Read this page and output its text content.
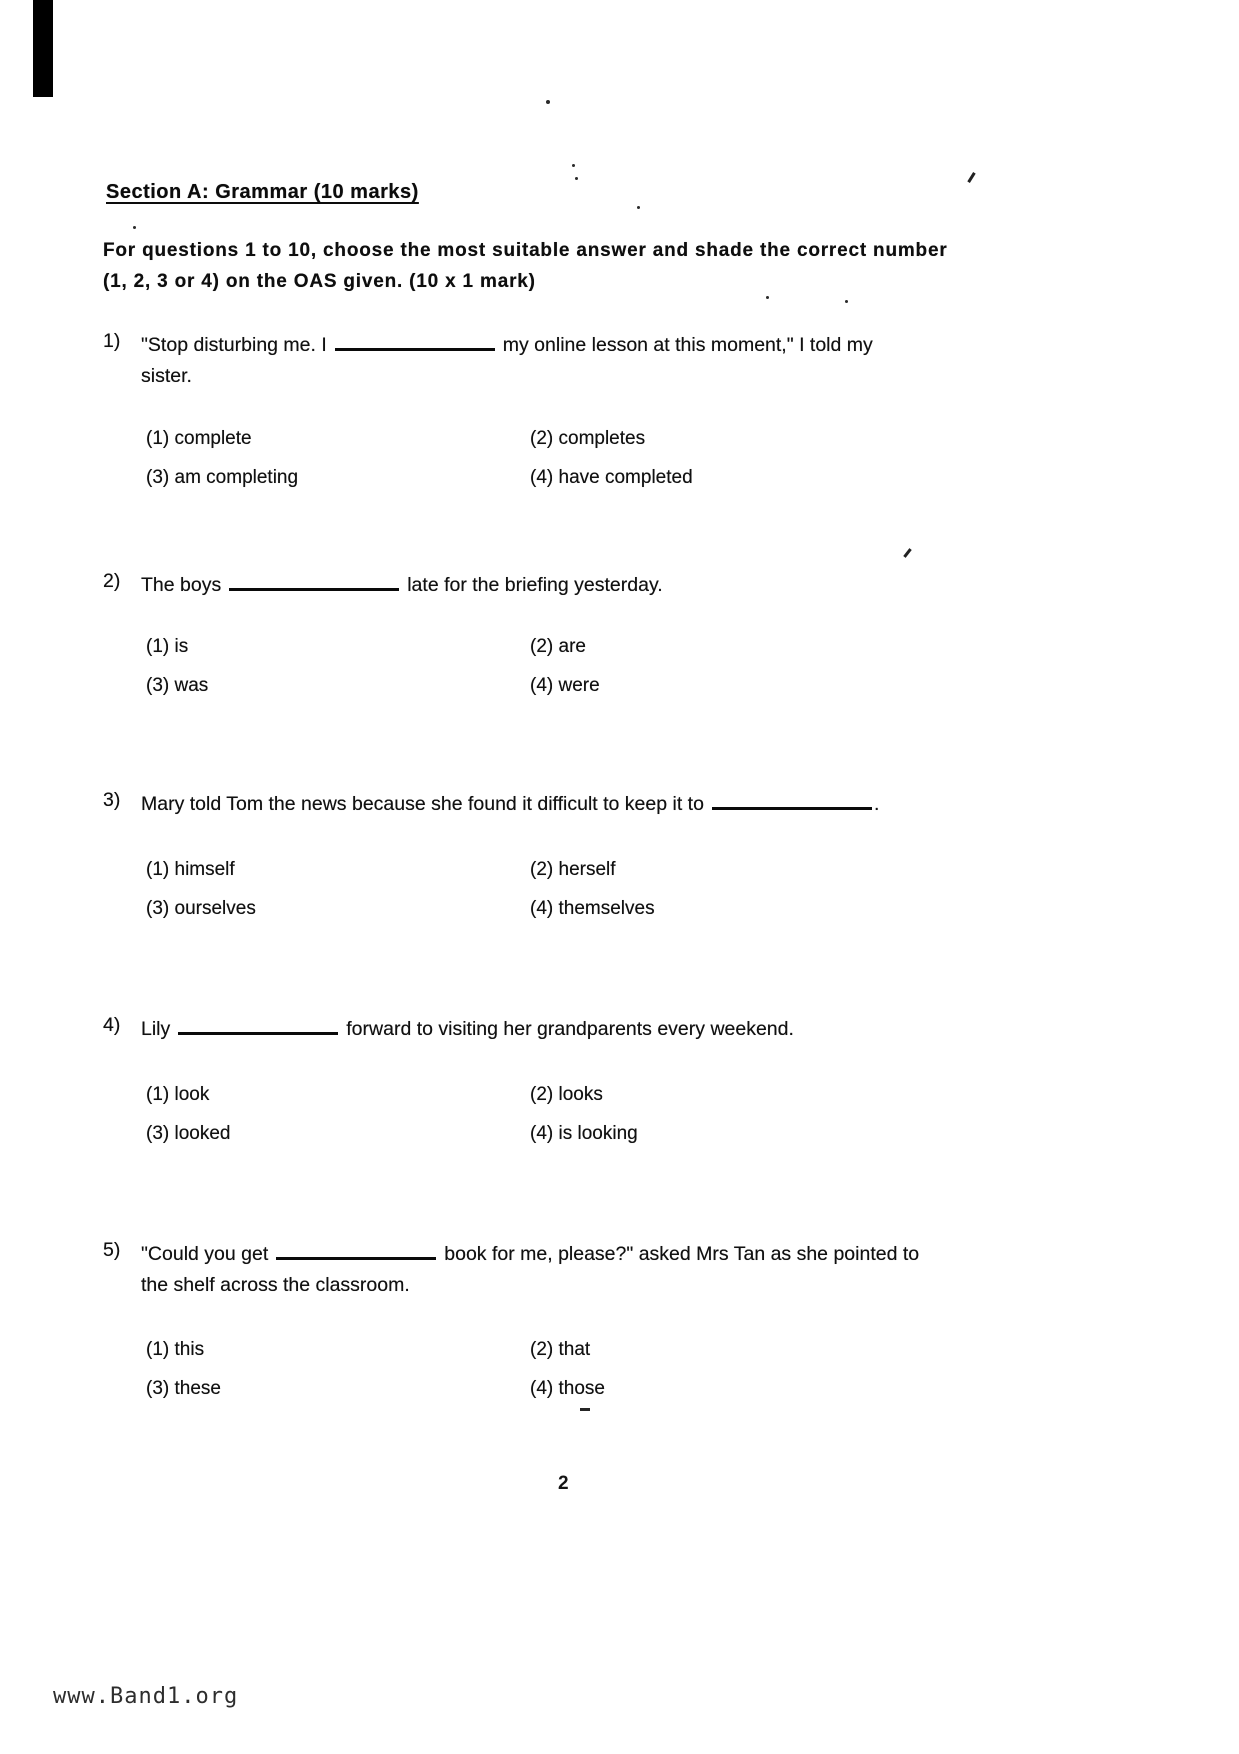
Section A: Grammar (10 marks)

For questions 1 to 10, choose the most suitable answer and shade the correct number

(1, 2, 3 or 4) on the OAS given. (10 x 1 mark)

1)	"Stop disturbing me. I	my online lesson at this moment," I told my

sister.

(1) complete	(2) completes
(3) am completing	(4) have completed
2)	The boys	late for the briefing yesterday.

(1) is	(2) are
(3) was	(4) were
3)	Mary told Tom the news because she found it difficult to keep it to	.

(1) himself	(2) herself
(3) ourselves	(4) themselves
4)	Lily	forward to visiting her grandparents every weekend.

(1) look	(2) looks
(3) looked	(4) is looking
5)	"Could you get	book for me, please?" asked Mrs Tan as she pointed to

the shelf across the classroom.

(1) this	(2) that
(3) these	(4) those
2
www.Band1.org
